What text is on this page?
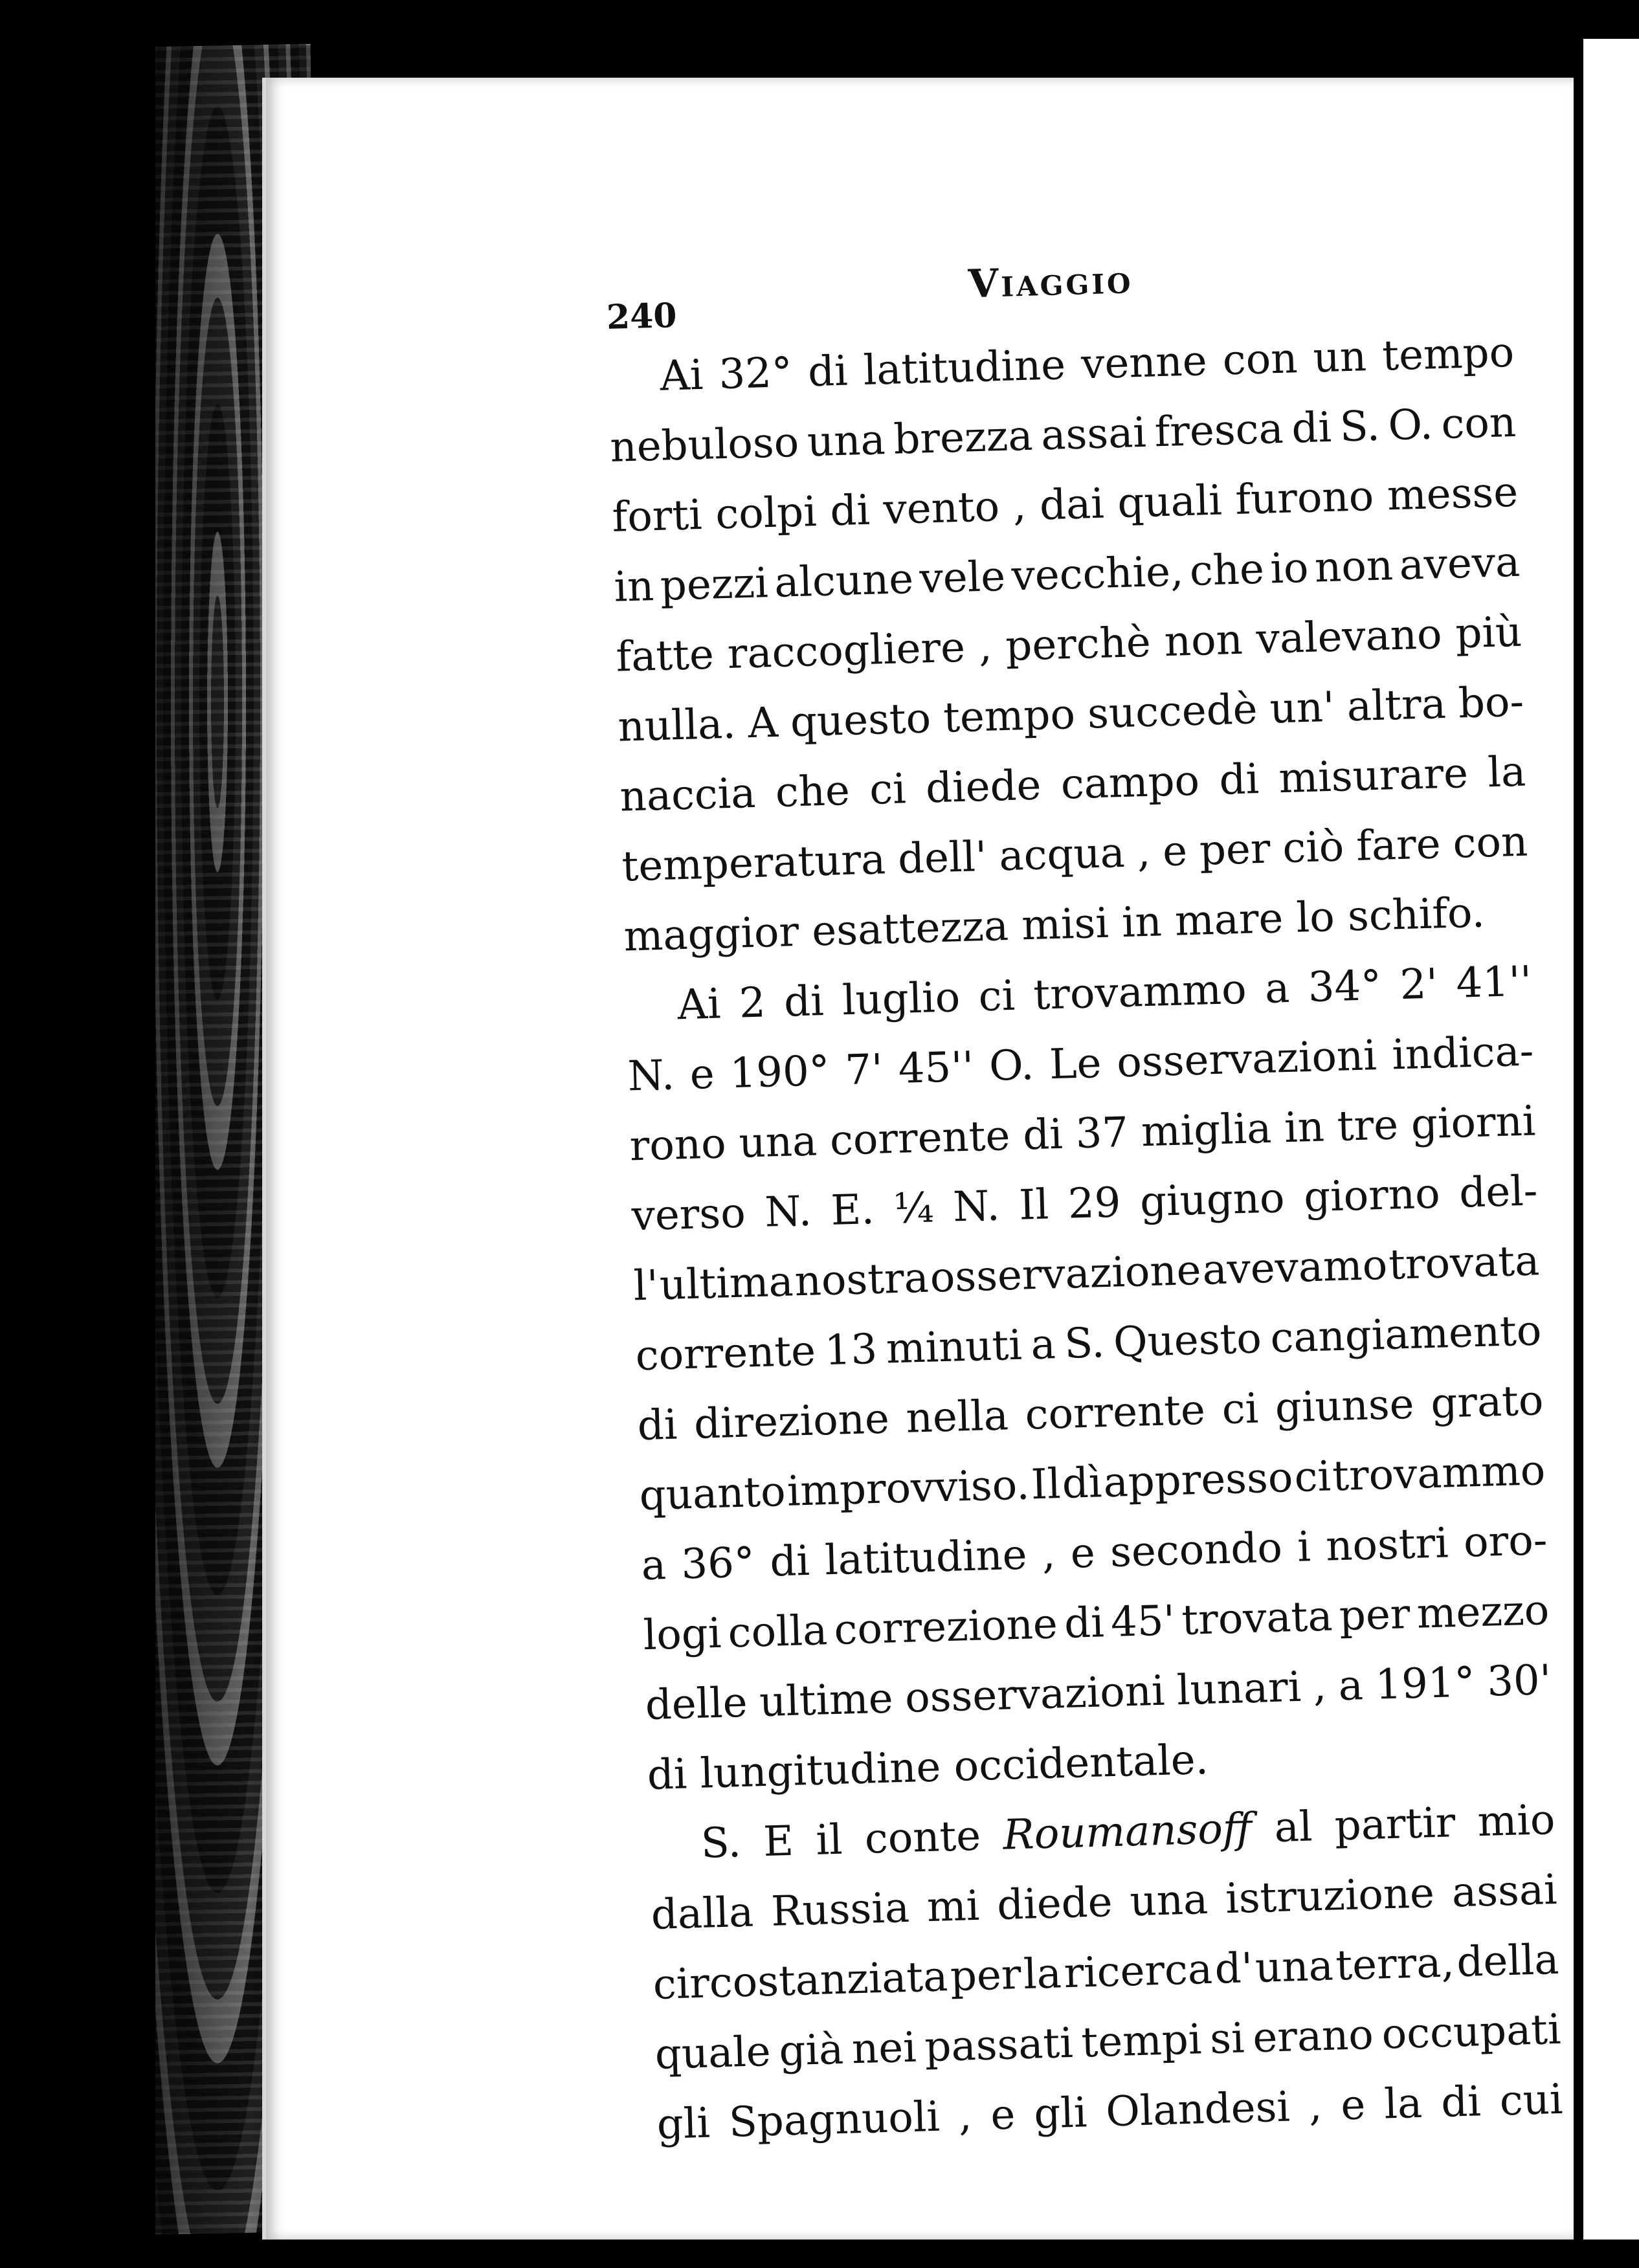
240
Viaggio
Ai 32° di latitudine venne con un tempo
nebuloso una brezza assai fresca di S. O. con
forti colpi di vento , dai quali furono messe
in pezzi alcune vele vecchie, che io non aveva
fatte raccogliere , perchè non valevano più
nulla. A questo tempo succedè un' altra bo-
naccia che ci diede campo di misurare la
temperatura dell' acqua , e per ciò fare con
maggior
esattezza
misi
in
mare
lo
schifo.
Ai 2 di luglio ci trovammo a 34° 2' 41''
N. e 190° 7' 45'' O. Le osservazioni indica-
rono una corrente di 37 miglia in tre giorni
verso N. E. ¼ N. Il 29 giugno giorno del-
l' ultima nostra osservazione avevamo trovata
corrente 13 minuti a S. Questo cangiamento
di direzione nella corrente ci giunse grato
quanto improvviso. Il dì appresso ci trovammo
a 36° di latitudine , e secondo i nostri oro-
logi colla correzione di 45' trovata per mezzo
delle ultime osservazioni lunari , a 191° 30'
di
lungitudine
occidentale.
S. E il conte Roumansoff al partir mio
dalla Russia mi diede una istruzione assai
circostanziata per la ricerca d' una terra, della
quale già nei passati tempi si erano occupati
gli Spagnuoli , e gli Olandesi , e la di cui
